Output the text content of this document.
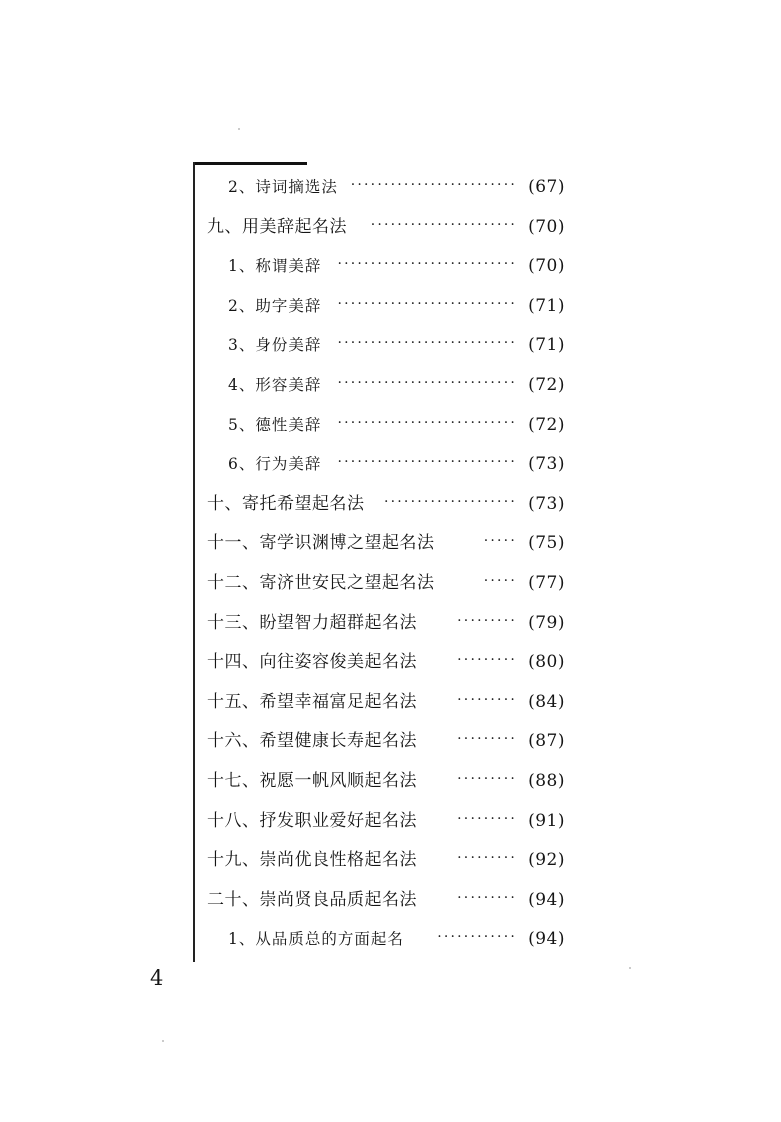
2、诗词摘选法 ························· (67)
九、用美辞起名法 ······················ (70)
1、称谓美辞 ··························· (70)
2、助字美辞 ··························· (71)
3、身份美辞 ··························· (71)
4、形容美辞 ··························· (72)
5、德性美辞 ··························· (72)
6、行为美辞 ··························· (73)
十、寄托希望起名法 ···················· (73)
十一、寄学识渊博之望起名法	····· (75)
十二、寄济世安民之望起名法	····· (77)
十三、盼望智力超群起名法	········· (79)
十四、向往姿容俊美起名法	········· (80)
十五、希望幸福富足起名法	········· (84)
十六、希望健康长寿起名法	········· (87)
十七、祝愿一帆风顺起名法	········· (88)
十八、抒发职业爱好起名法	········· (91)
十九、崇尚优良性格起名法	········· (92)
二十、崇尚贤良品质起名法	········· (94)
1、从品质总的方面起名 ············ (94)
4
